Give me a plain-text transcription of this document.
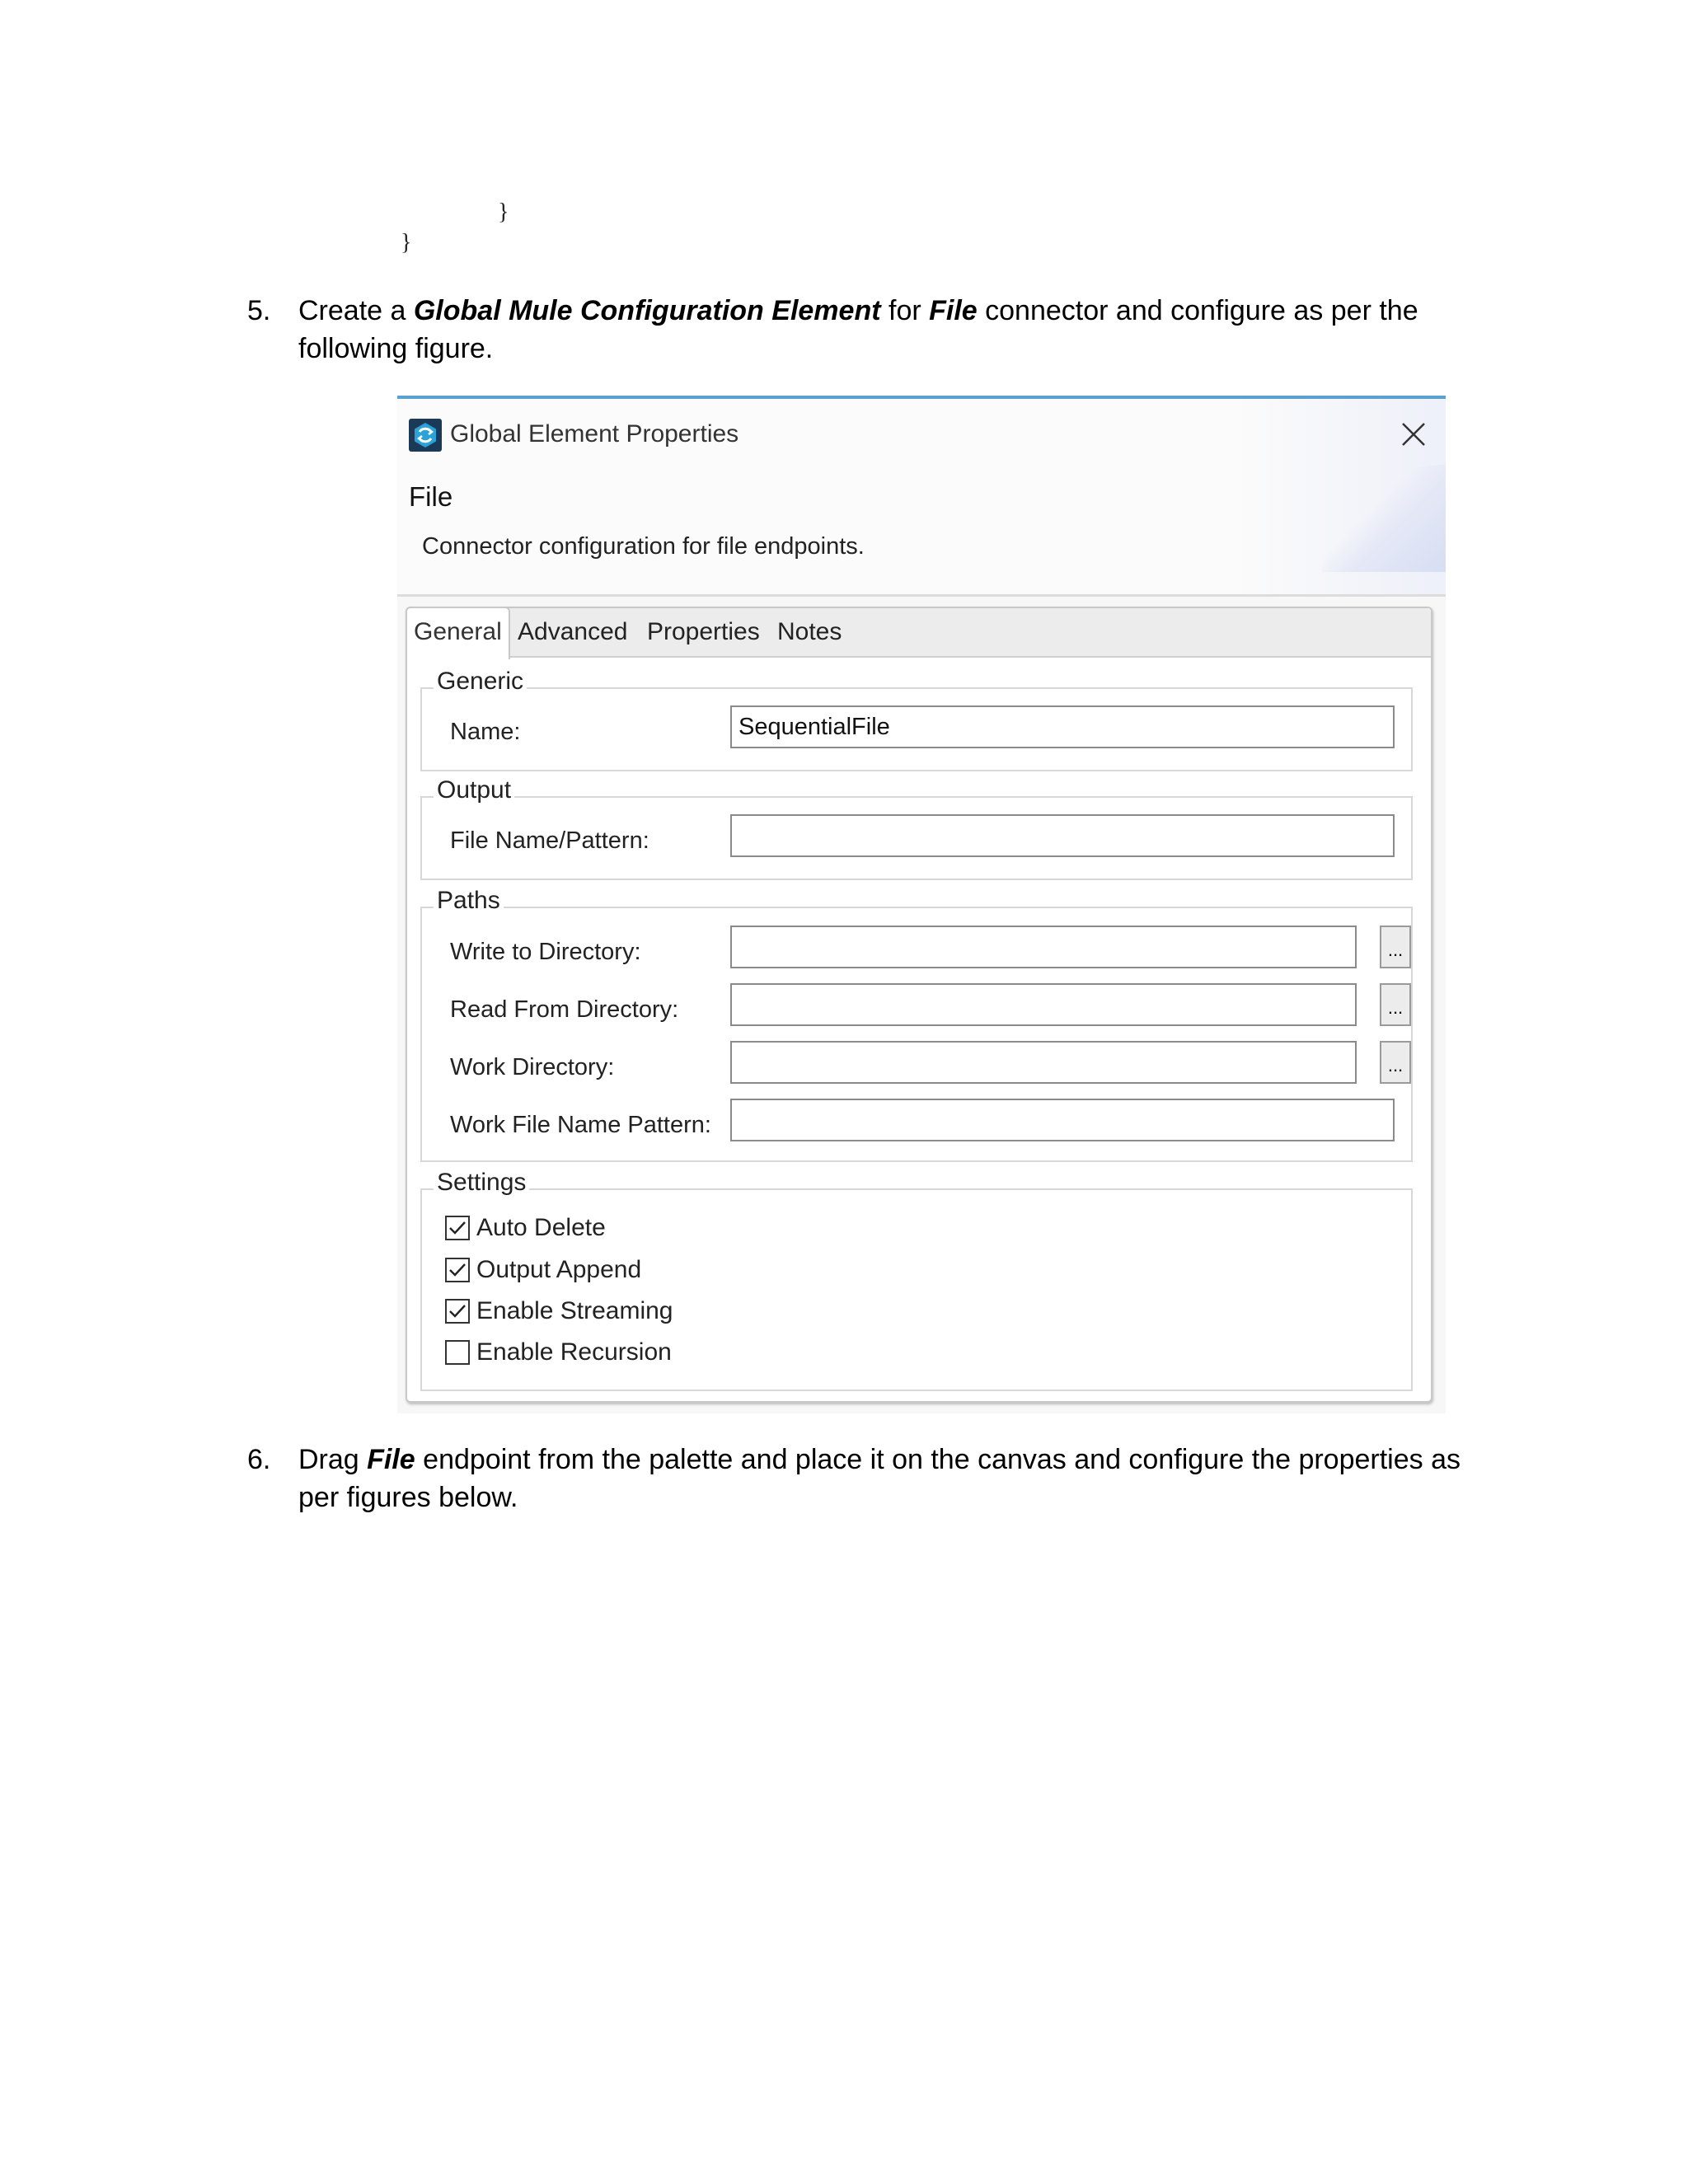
}
}
5. Create a Global Mule Configuration Element for File connector and configure as per the following figure.
Global Element Properties
File
Connector configuration for file endpoints.
General Advanced Properties Notes
Generic
Name:	SequentialFile
Output
File Name/Pattern:
Paths
Write to Directory:	...
Read From Directory:	...
Work Directory:	...
Work File Name Pattern:
Settings
Auto Delete
Output Append
Enable Streaming
Enable Recursion
6. Drag File endpoint from the palette and place it on the canvas and configure the properties as per figures below.
